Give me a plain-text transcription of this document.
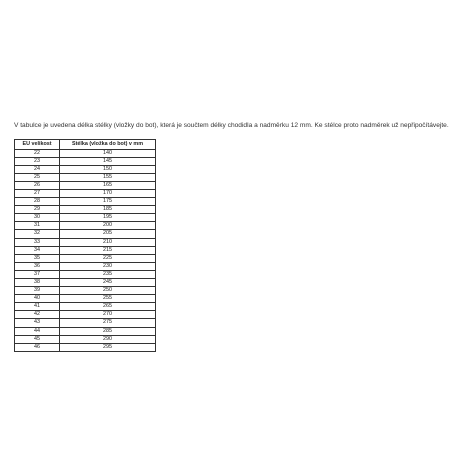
V tabulce je uvedena délka stélky (vložky do bot), která je součtem délky chodidla a nadměrku 12 mm. Ke stélce proto nadměrek už nepřipočítávejte.

EU velikost	Stélka (vložka do bot) v mm
22	140
23	145
24	150
25	155
26	165
27	170
28	175
29	185
30	195
31	200
32	205
33	210
34	215
35	225
36	230
37	235
38	245
39	250
40	255
41	265
42	270
43	275
44	285
45	290
46	295
